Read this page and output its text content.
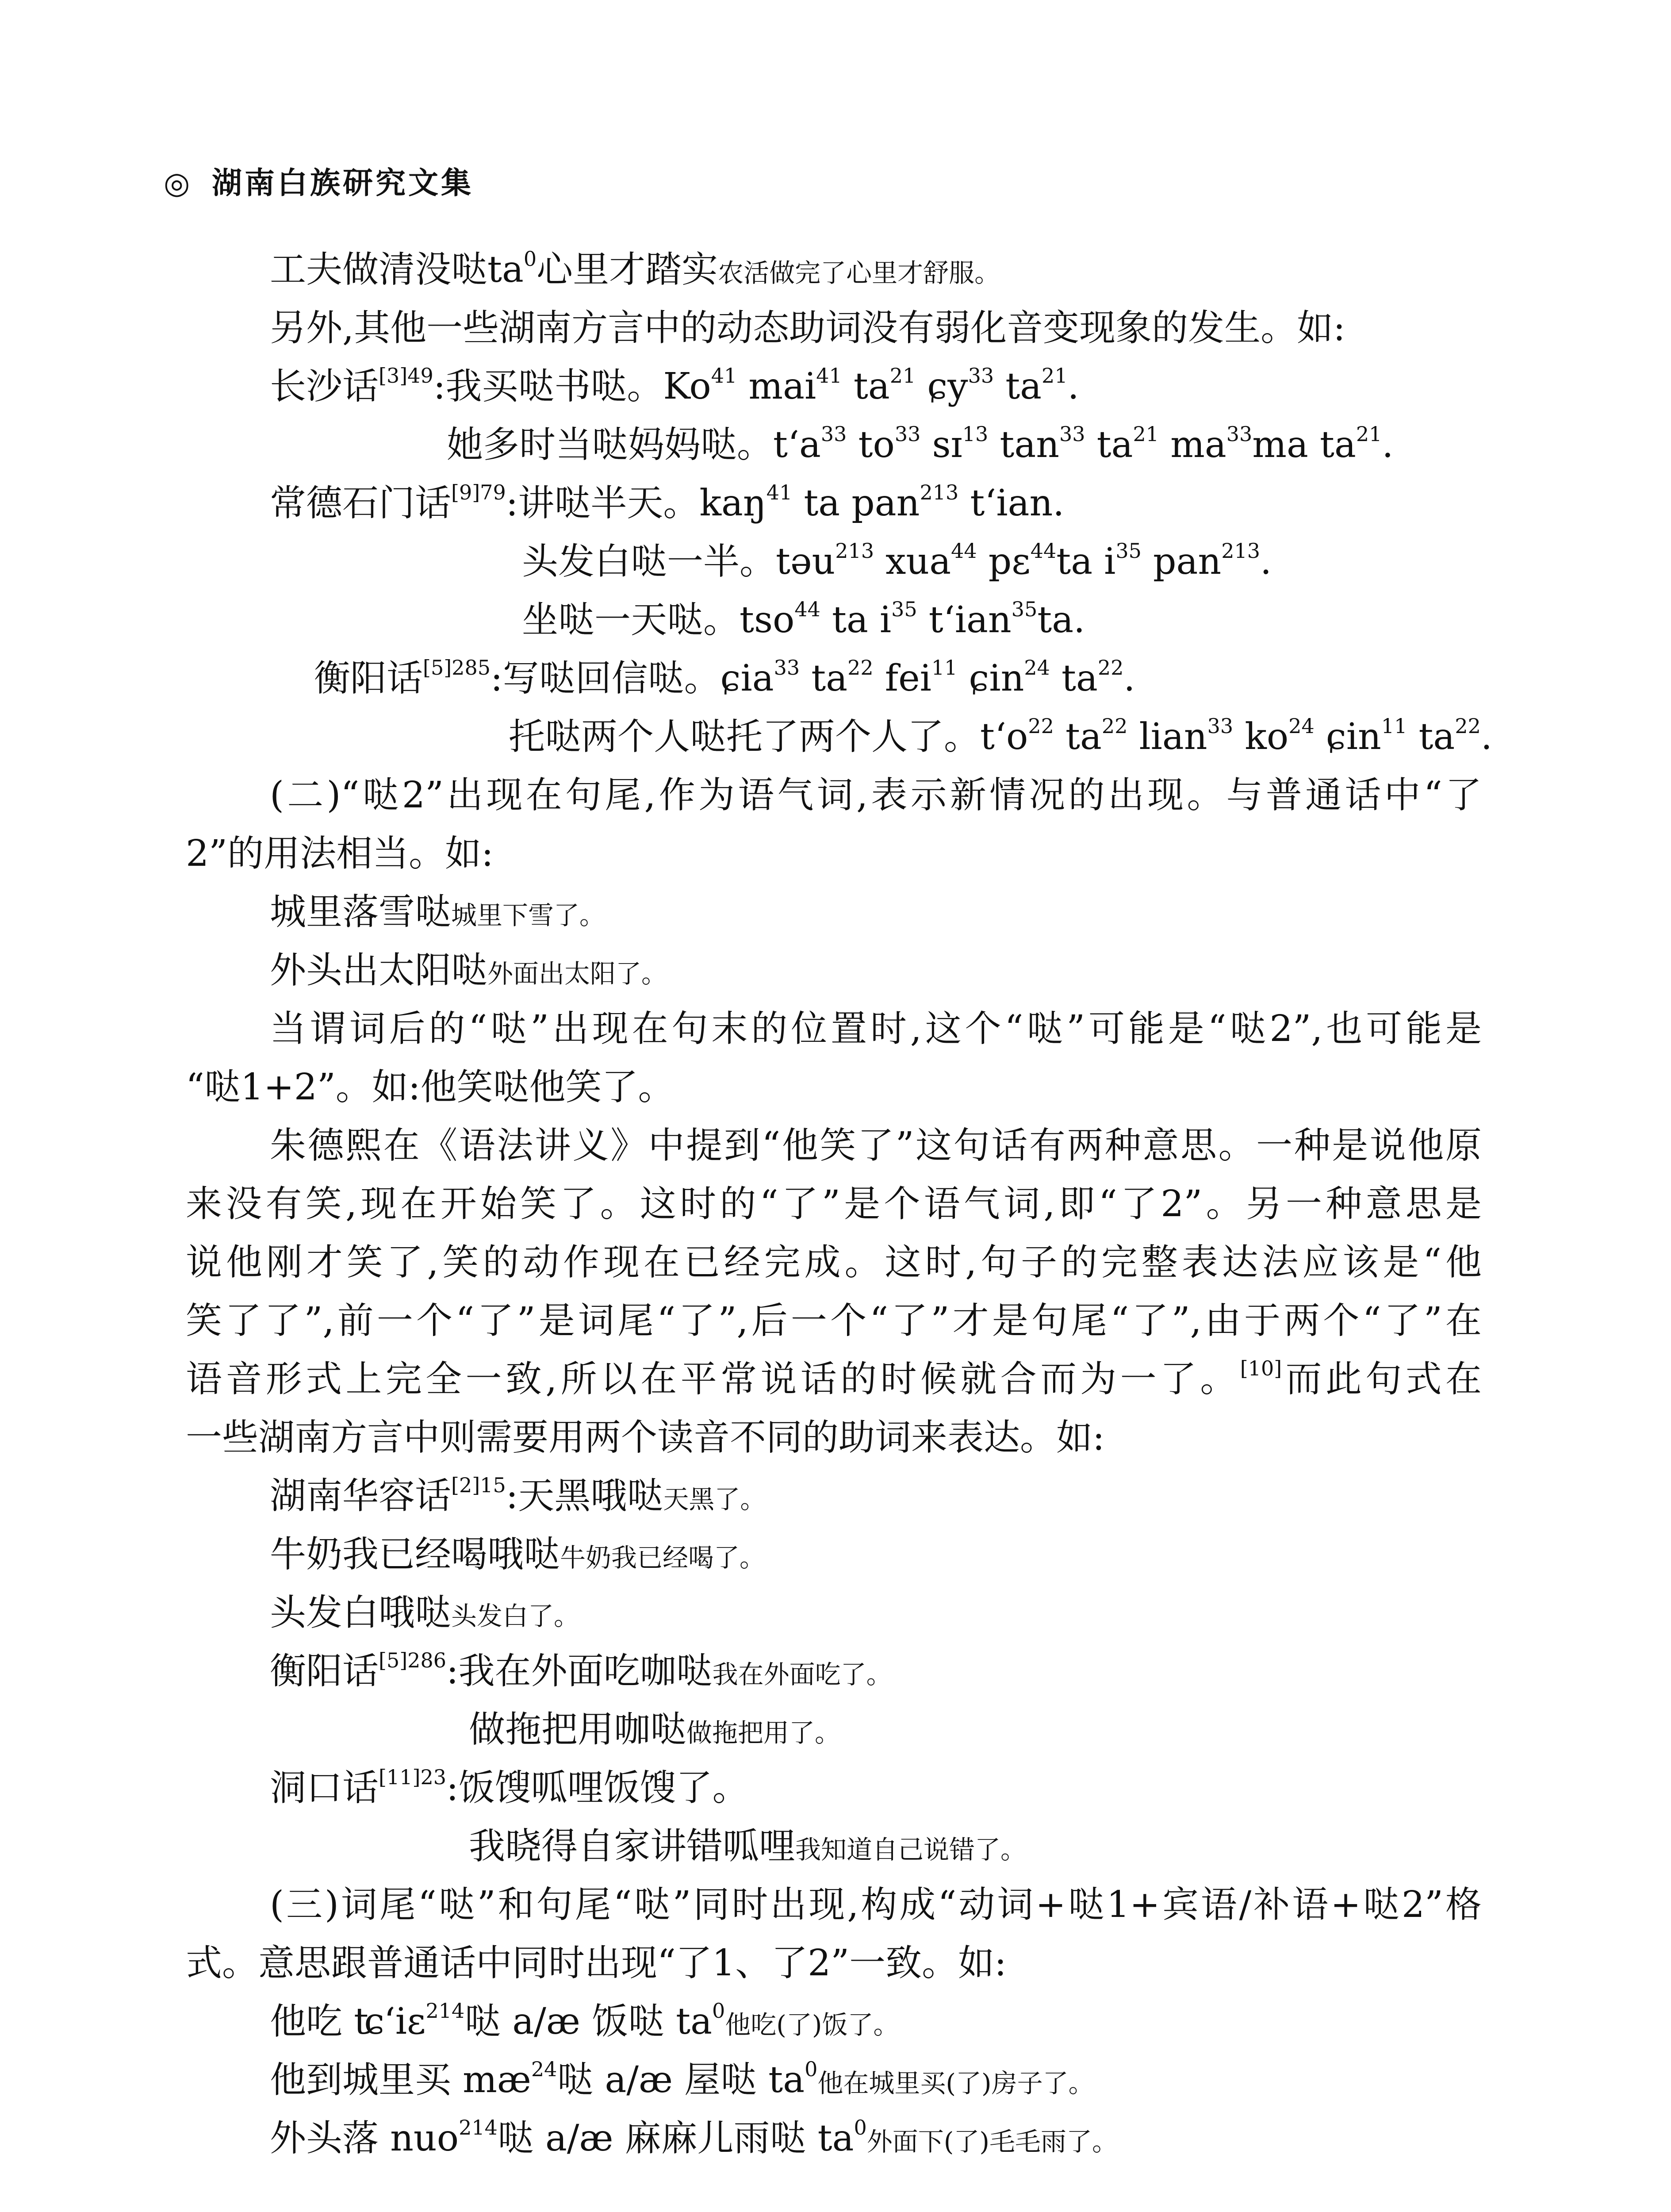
◎ 湖南白族研究文集
工夫做清没哒$ta^0$心里才踏实农活做完了心里才舒服。
另外,其他一些湖南方言中的动态助词没有弱化音变现象的发生。如:
长沙话$^{[3]49}$:我买哒书哒。Ko$^{41}$ mai$^{41}$ $ta^{21}$ ɕy$^{33}$ $ta^{21}$.
她多时当哒妈妈哒。$t‘a^{33}$ $to^{33}$ sɪ$^{13}$ $\tan^{33} ta^{21}$ $ma^{33}ma$ $ta^{21}$.
常德石门话$^{[9]79}$:讲哒半天。kaŋ$^{41}$ ta pan$^{213}$ t‘ian.
头发白哒一半。təu$^{213}$ xua$^{44}$ pɛ$^{44}$ta $i^{35}$ pan$^{213}$.
坐哒一天哒。tso$^{44}$ ta $i^{35}$ t‘ian$^{35}$ta.
衡阳话$^{[5]285}$:写哒回信哒。ɕia$^{33}$ $ta^{22}$ fei$^{11}$ ɕin$^{24}$ $ta^{22}$.
托哒两个人哒托了两个人了。$t‘o^{22}$ $ta^{22}$ lian$^{33}$ $ko^{24}$ ɕin$^{11}$ $ta^{22}$.
(二)“哒2”出现在句尾,作为语气词,表示新情况的出现。与普通话中“了
2”的用法相当。如:
城里落雪哒城里下雪了。
外头出太阳哒外面出太阳了。
当谓词后的“哒”出现在句末的位置时,这个“哒”可能是“哒2”,也可能是
“哒1+2”。如:他笑哒他笑了。
朱德熙在《语法讲义》中提到“他笑了”这句话有两种意思。一种是说他原
来没有笑,现在开始笑了。这时的“了”是个语气词,即“了2”。另一种意思是
说他刚才笑了,笑的动作现在已经完成。这时,句子的完整表达法应该是“他
笑了了”,前一个“了”是词尾“了”,后一个“了”才是句尾“了”,由于两个“了”在
语音形式上完全一致,所以在平常说话的时候就合而为一了。[10]而此句式在
一些湖南方言中则需要用两个读音不同的助词来表达。如:
湖南华容话$^{[2]15}$:天黑哦哒天黑了。
牛奶我已经喝哦哒牛奶我已经喝了。
头发白哦哒头发白了。
衡阳话$^{[5]286}$:我在外面吃咖哒我在外面吃了。
做拖把用咖哒做拖把用了。
洞口话$^{[11]23}$:饭馊呱哩饭馊了。
我晓得自家讲错呱哩我知道自己说错了。
(三)词尾“哒”和句尾“哒”同时出现,构成“动词+哒1+宾语/补语+哒2”格
式。意思跟普通话中同时出现“了1、了2”一致。如:
他吃 ʨ‘iɛ$^{214}$哒 a/æ 饭哒 $ta^0$他吃(了)饭了。
他到城里买 $mæ^{24}$哒 a/æ 屋哒 $ta^0$他在城里买(了)房子了。
外头落 nuo$^{214}$哒 a/æ 麻麻儿雨哒 $ta^0$外面下(了)毛毛雨了。
